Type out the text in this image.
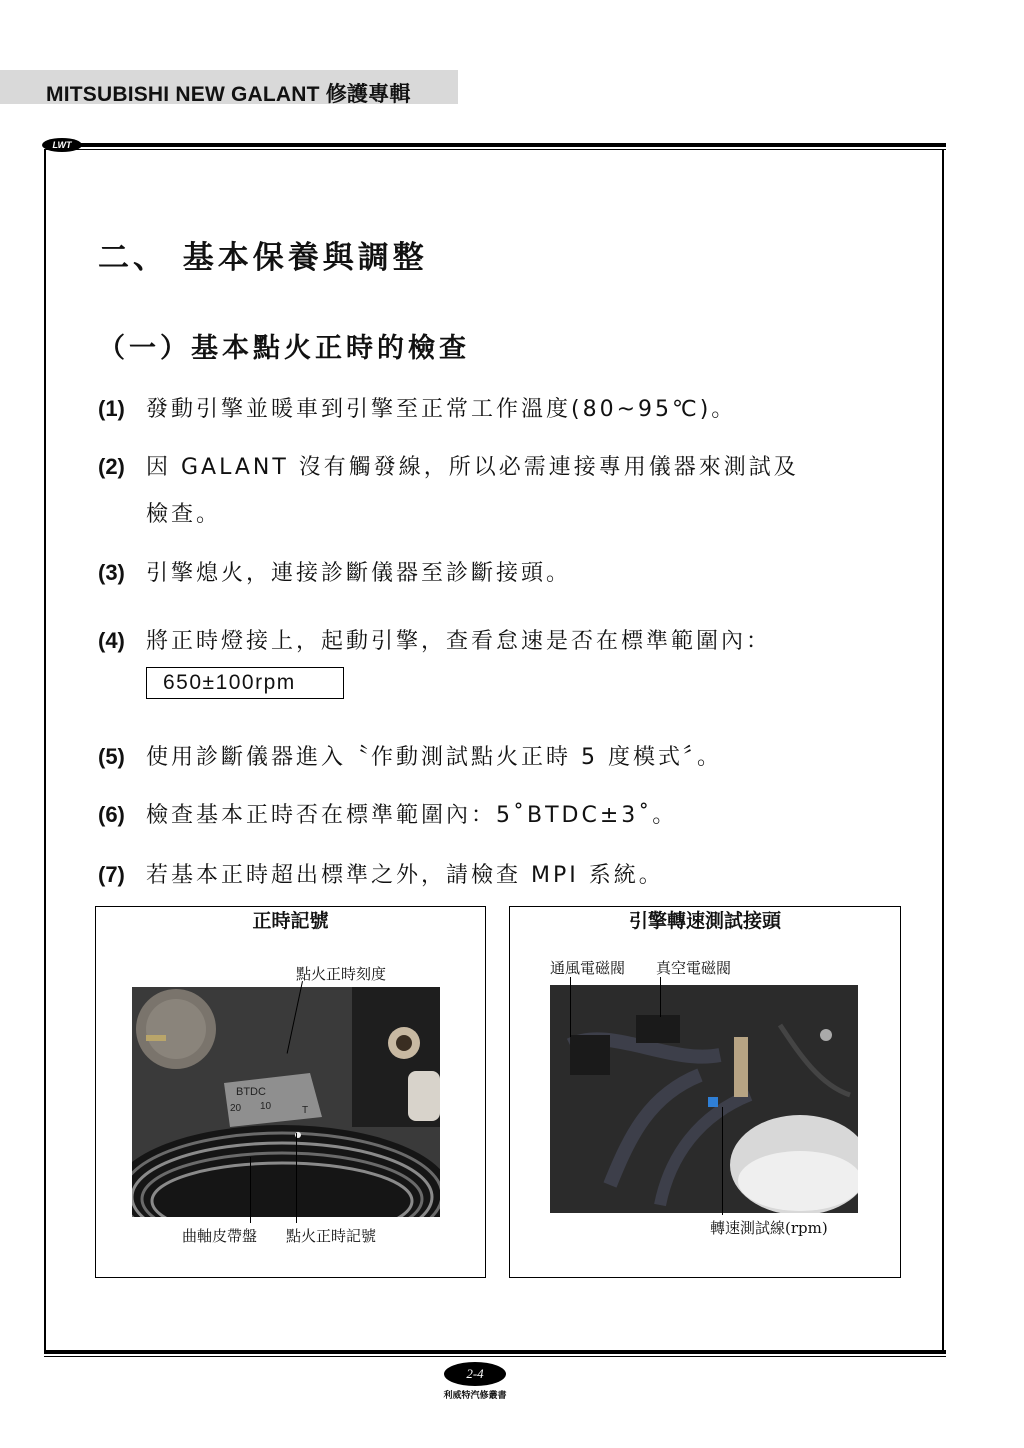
MITSUBISHI NEW GALANT 修護專輯
LWT
二、 基本保養與調整
（一）基本點火正時的檢查
(1) 發動引擎並暖車到引擎至正常工作溫度(80~95℃)。
(2) 因 GALANT 沒有觸發線，所以必需連接專用儀器來測試及
檢查。
(3) 引擎熄火，連接診斷儀器至診斷接頭。
(4) 將正時燈接上，起動引擎，查看怠速是否在標準範圍內：
650±100rpm
(5) 使用診斷儀器進入〝作動測試點火正時 5 度模式〞。
(6) 檢查基本正時否在標準範圍內：5˚BTDC±3˚。
(7) 若基本正時超出標準之外，請檢查 MPI 系統。
正時記號
點火正時刻度
BTDC
20 10	T
曲軸皮帶盤 點火正時記號
引擎轉速測試接頭
通風電磁閥 真空電磁閥
轉速測試線(rpm)
2-4
利威特汽修叢書
